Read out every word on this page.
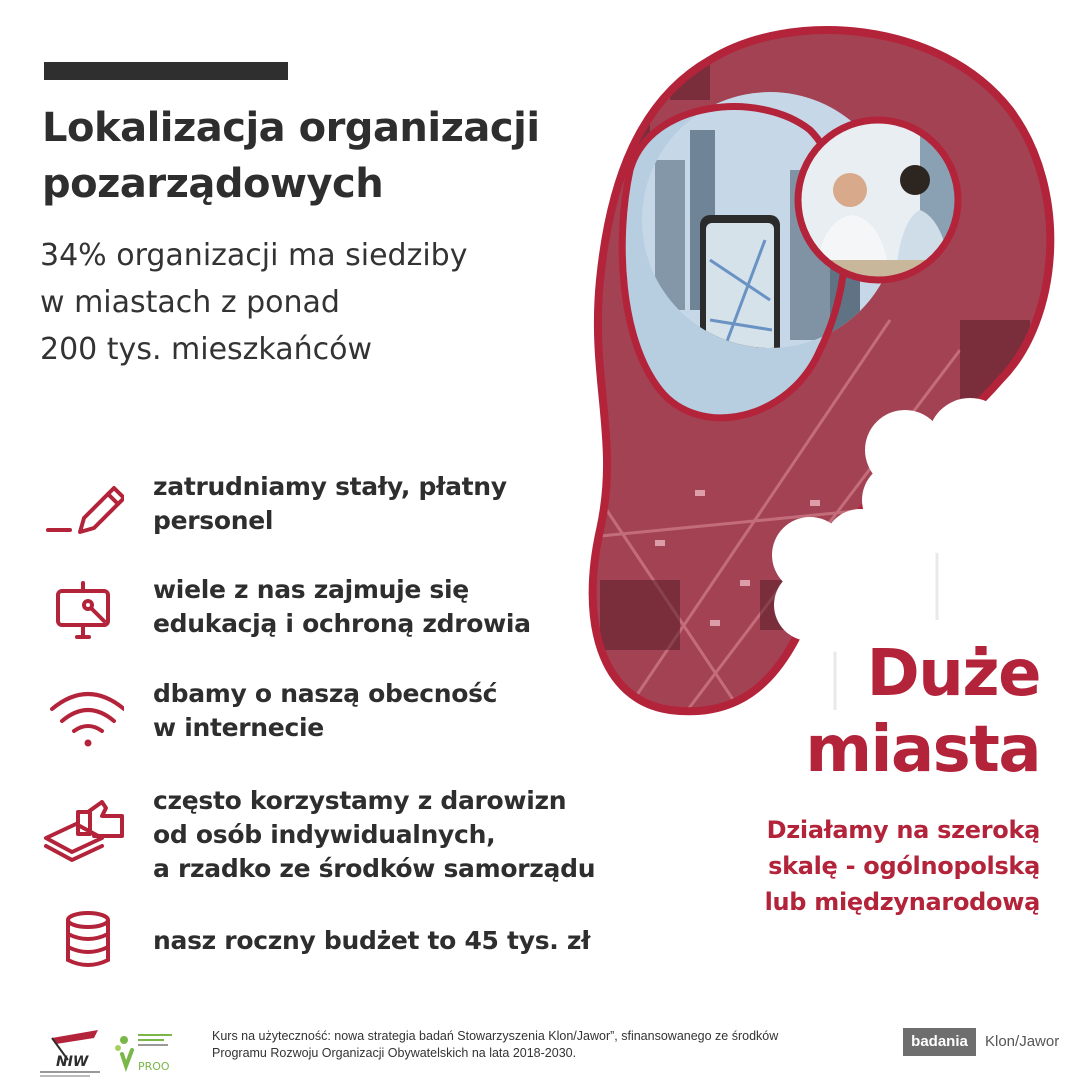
Lokalizacja organizacji pozarządowych

34% organizacji ma siedziby
w miastach z ponad
200 tys. mieszkańców

zatrudniamy stały, płatny
personel
wiele z nas zajmuje się
edukacją i ochroną zdrowia
dbamy o naszą obecność
w internecie
często korzystamy z darowizn
od osób indywidualnych,
a rzadko ze środków samorządu
nasz roczny budżet to 45 tys. zł
Duże
miasta
Działamy na szeroką
skalę - ogólnopolską
lub międzynarodową
NIW	PROO
Kurs na użyteczność: nowa strategia badań Stowarzyszenia Klon/Jawor”, sfinansowanego ze środków
Programu Rozwoju Organizacji Obywatelskich na lata 2018-2030.
badania	Klon/Jawor
